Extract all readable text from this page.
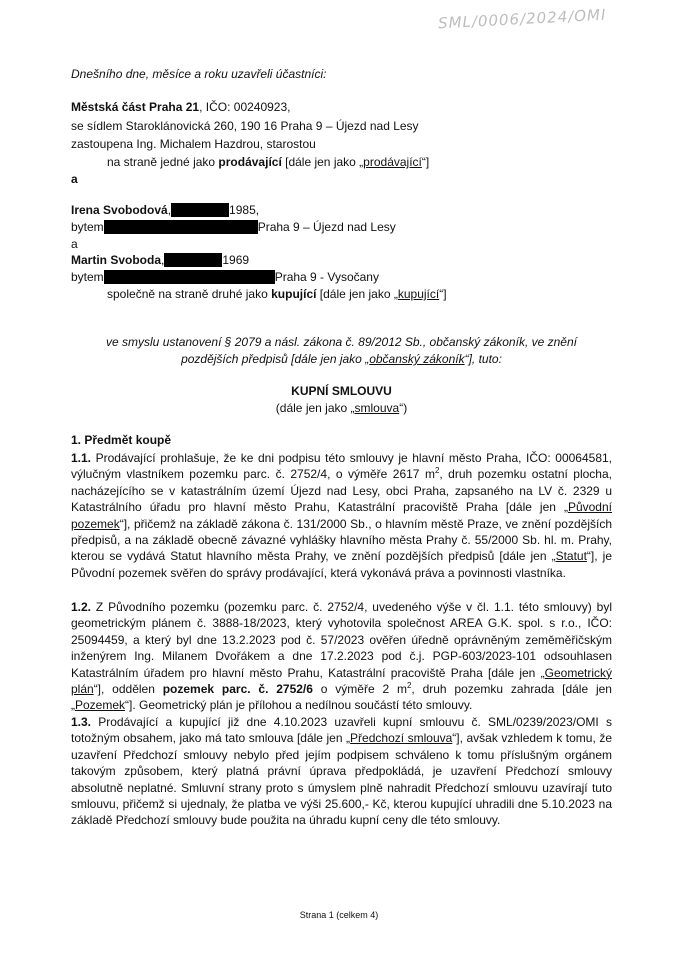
SML/0006/2024/OMI
Dnešního dne, měsíce a roku uzavřeli účastníci:
Městská část Praha 21, IČO: 00240923,
se sídlem Staroklánovická 260, 190 16 Praha 9 – Újezd nad Lesy
zastoupena Ing. Michalem Hazdrou, starostou
na straně jedné jako prodávající [dále jen jako „prodávající“]
a
Irena Svobodová,	1985,
bytem	Praha 9 – Újezd nad Lesy
a
Martin Svoboda,	1969
bytem	Praha 9 - Vysočany
společně na straně druhé jako kupující [dále jen jako „kupující“]
ve smyslu ustanovení § 2079 a násl. zákona č. 89/2012 Sb., občanský zákoník, ve znění
pozdějších předpisů [dále jen jako „občanský zákoník“], tuto:
KUPNÍ SMLOUVU
(dále jen jako „smlouva“)
1. Předmět koupě
1.1. Prodávající prohlašuje, že ke dni podpisu této smlouvy je hlavní město Praha, IČO: 00064581, výlučným vlastníkem pozemku parc. č. 2752/4, o výměře 2617 $m^2$, druh pozemku ostatní plocha, nacházejícího se v katastrálním území Újezd nad Lesy, obci Praha, zapsaného na LV č. 2329 u Katastrálního úřadu pro hlavní město Prahu, Katastrální pracoviště Praha [dále jen „Původní pozemek“], přičemž na základě zákona č. 131/2000 Sb., o hlavním městě Praze, ve znění pozdějších předpisů, a na základě obecně závazné vyhlášky hlavního města Prahy č. 55/2000 Sb. hl. m. Prahy, kterou se vydává Statut hlavního města Prahy, ve znění pozdějších předpisů [dále jen „Statut“], je Původní pozemek svěřen do správy prodávající, která vykonává práva a povinnosti vlastníka.
1.2. Z Původního pozemku (pozemku parc. č. 2752/4, uvedeného výše v čl. 1.1. této smlouvy) byl geometrickým plánem č. 3888-18/2023, který vyhotovila společnost AREA G.K. spol. s r.o., IČO: 25094459, a který byl dne 13.2.2023 pod č. 57/2023 ověřen úředně oprávněným zeměměřičským inženýrem Ing. Milanem Dvořákem a dne 17.2.2023 pod č.j. PGP-603/2023-101 odsouhlasen Katastrálním úřadem pro hlavní město Prahu, Katastrální pracoviště Praha [dále jen „Geometrický plán“], oddělen pozemek parc. č. 2752/6 o výměře 2 $m^2$, druh pozemku zahrada [dále jen „Pozemek“]. Geometrický plán je přílohou a nedílnou součástí této smlouvy.
1.3. Prodávající a kupující již dne 4.10.2023 uzavřeli kupní smlouvu č. SML/0239/2023/OMI s totožným obsahem, jako má tato smlouva [dále jen „Předchozí smlouva“], avšak vzhledem k tomu, že uzavření Předchozí smlouvy nebylo před jejím podpisem schváleno k tomu příslušným orgánem takovým způsobem, který platná právní úprava předpokládá, je uzavření Předchozí smlouvy absolutně neplatné. Smluvní strany proto s úmyslem plně nahradit Předchozí smlouvu uzavírají tuto smlouvu, přičemž si ujednaly, že platba ve výši 25.600,- Kč, kterou kupující uhradili dne 5.10.2023 na základě Předchozí smlouvy bude použita na úhradu kupní ceny dle této smlouvy.
Strana 1 (celkem 4)
